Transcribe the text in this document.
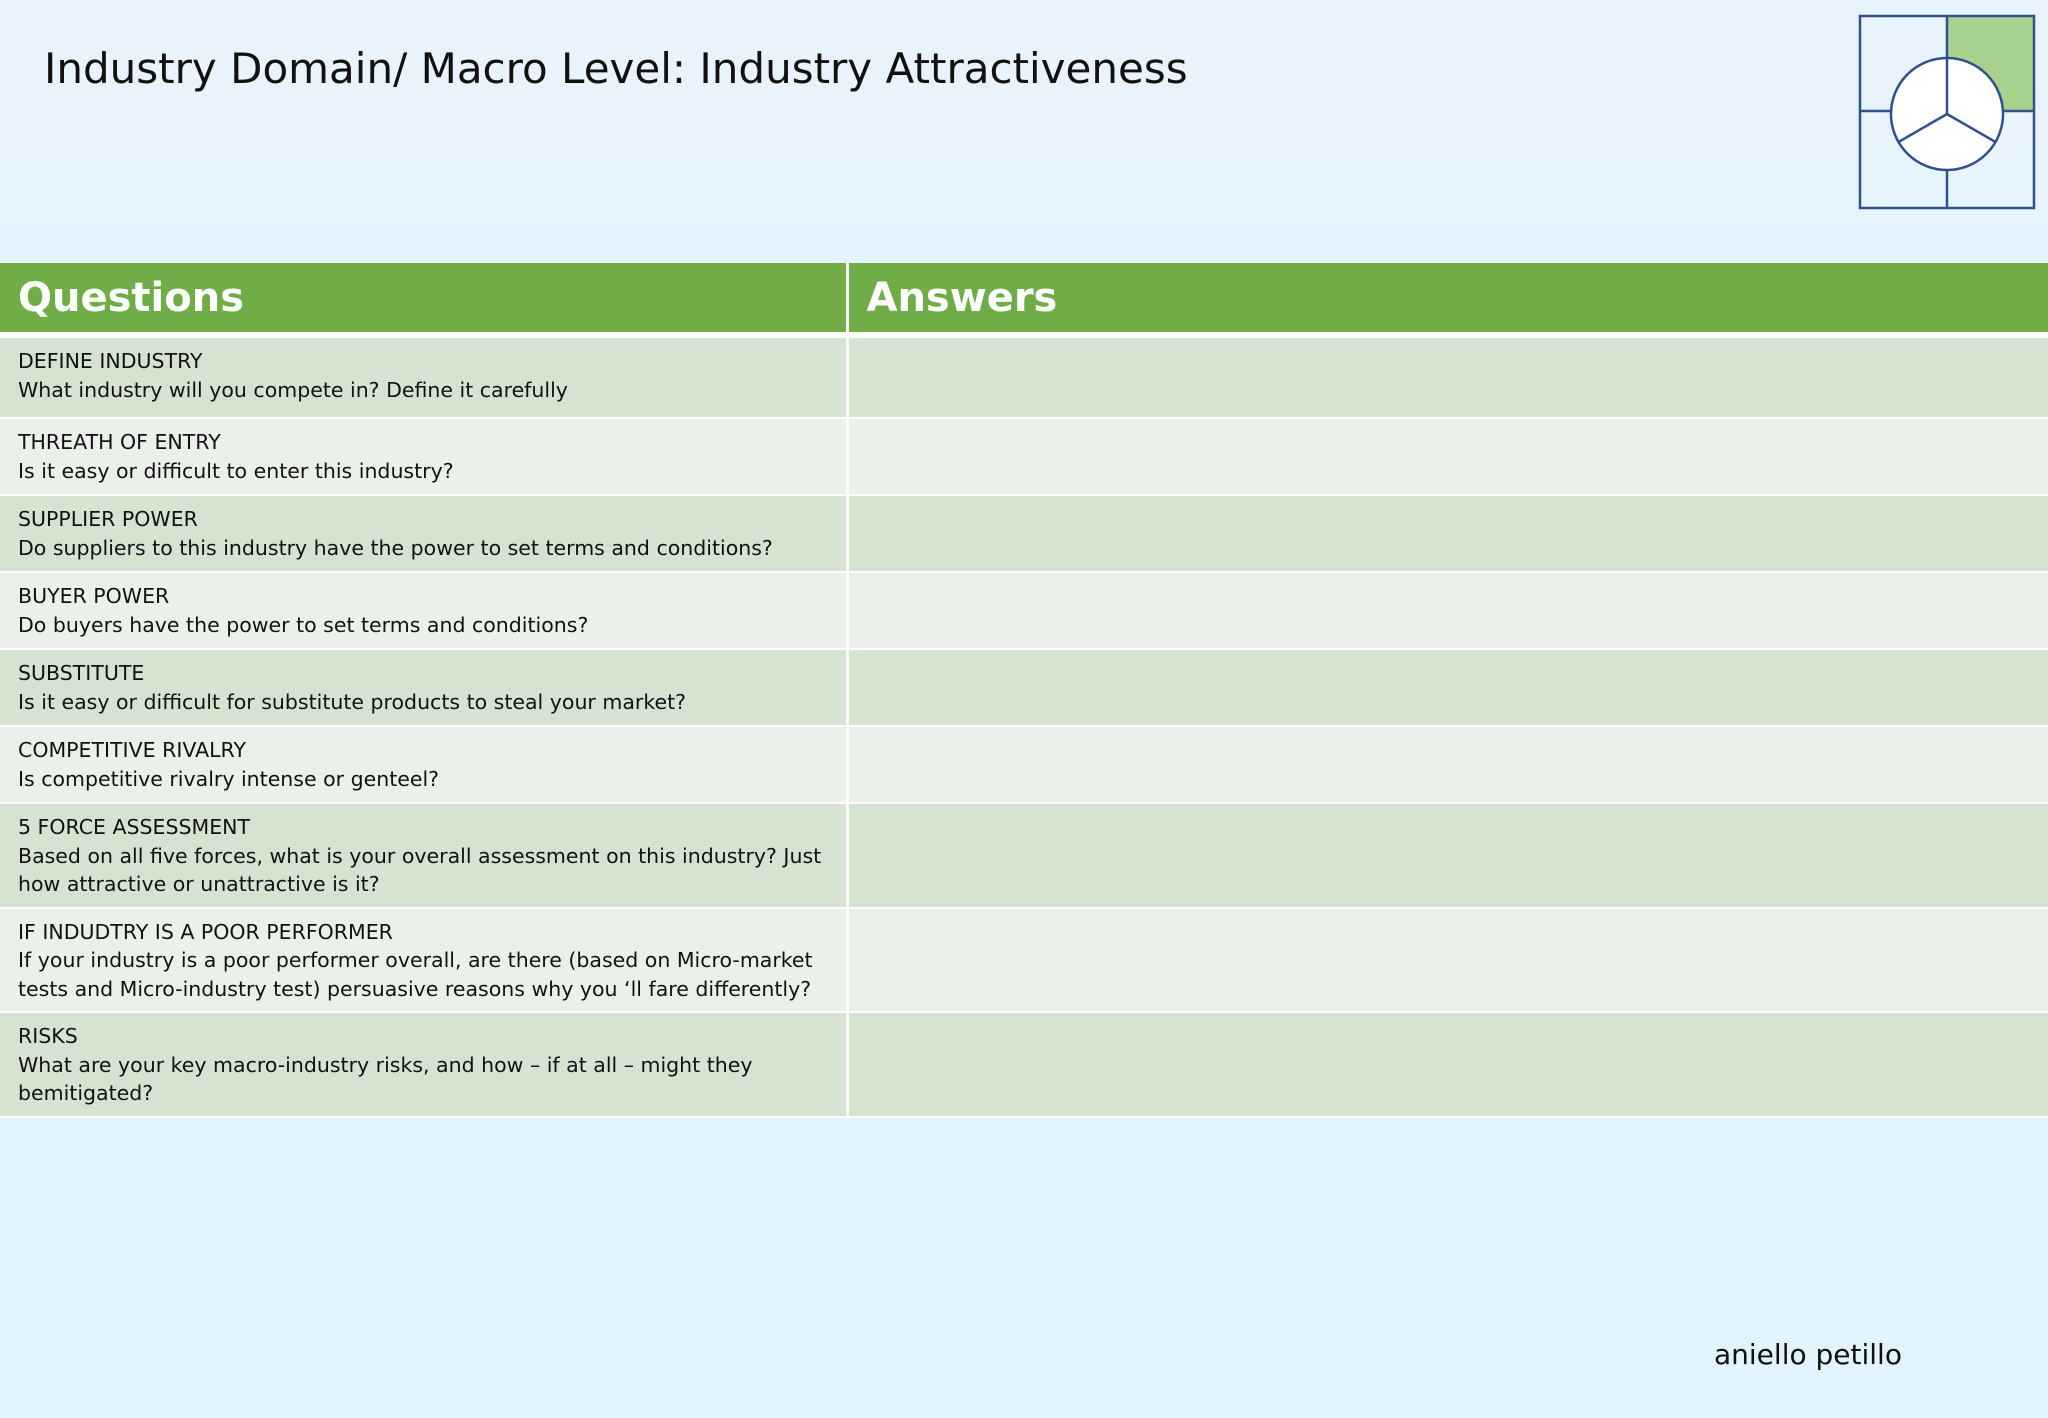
Industry Domain/ Macro Level: Industry Attractiveness
Questions	Answers

DEFINE INDUSTRY
What industry will you compete in? Define it carefully	

THREATH OF ENTRY
Is it easy or difficult to enter this industry?	

SUPPLIER POWER
Do suppliers to this industry have the power to set terms and conditions?	

BUYER POWER
Do buyers have the power to set terms and conditions?	

SUBSTITUTE
Is it easy or difficult for substitute products to steal your market?	

COMPETITIVE RIVALRY
Is competitive rivalry intense or genteel?	

5 FORCE ASSESSMENT
Based on all five forces, what is your overall assessment on this industry? Just how attractive or unattractive is it?	

IF INDUDTRY IS A POOR PERFORMER
If your industry is a poor performer overall, are there (based on Micro-market tests and Micro-industry test) persuasive reasons why you ‘ll fare differently?	

RISKS
What are your key macro-industry risks, and how – if at all – might they bemitigated?	

aniello petillo
